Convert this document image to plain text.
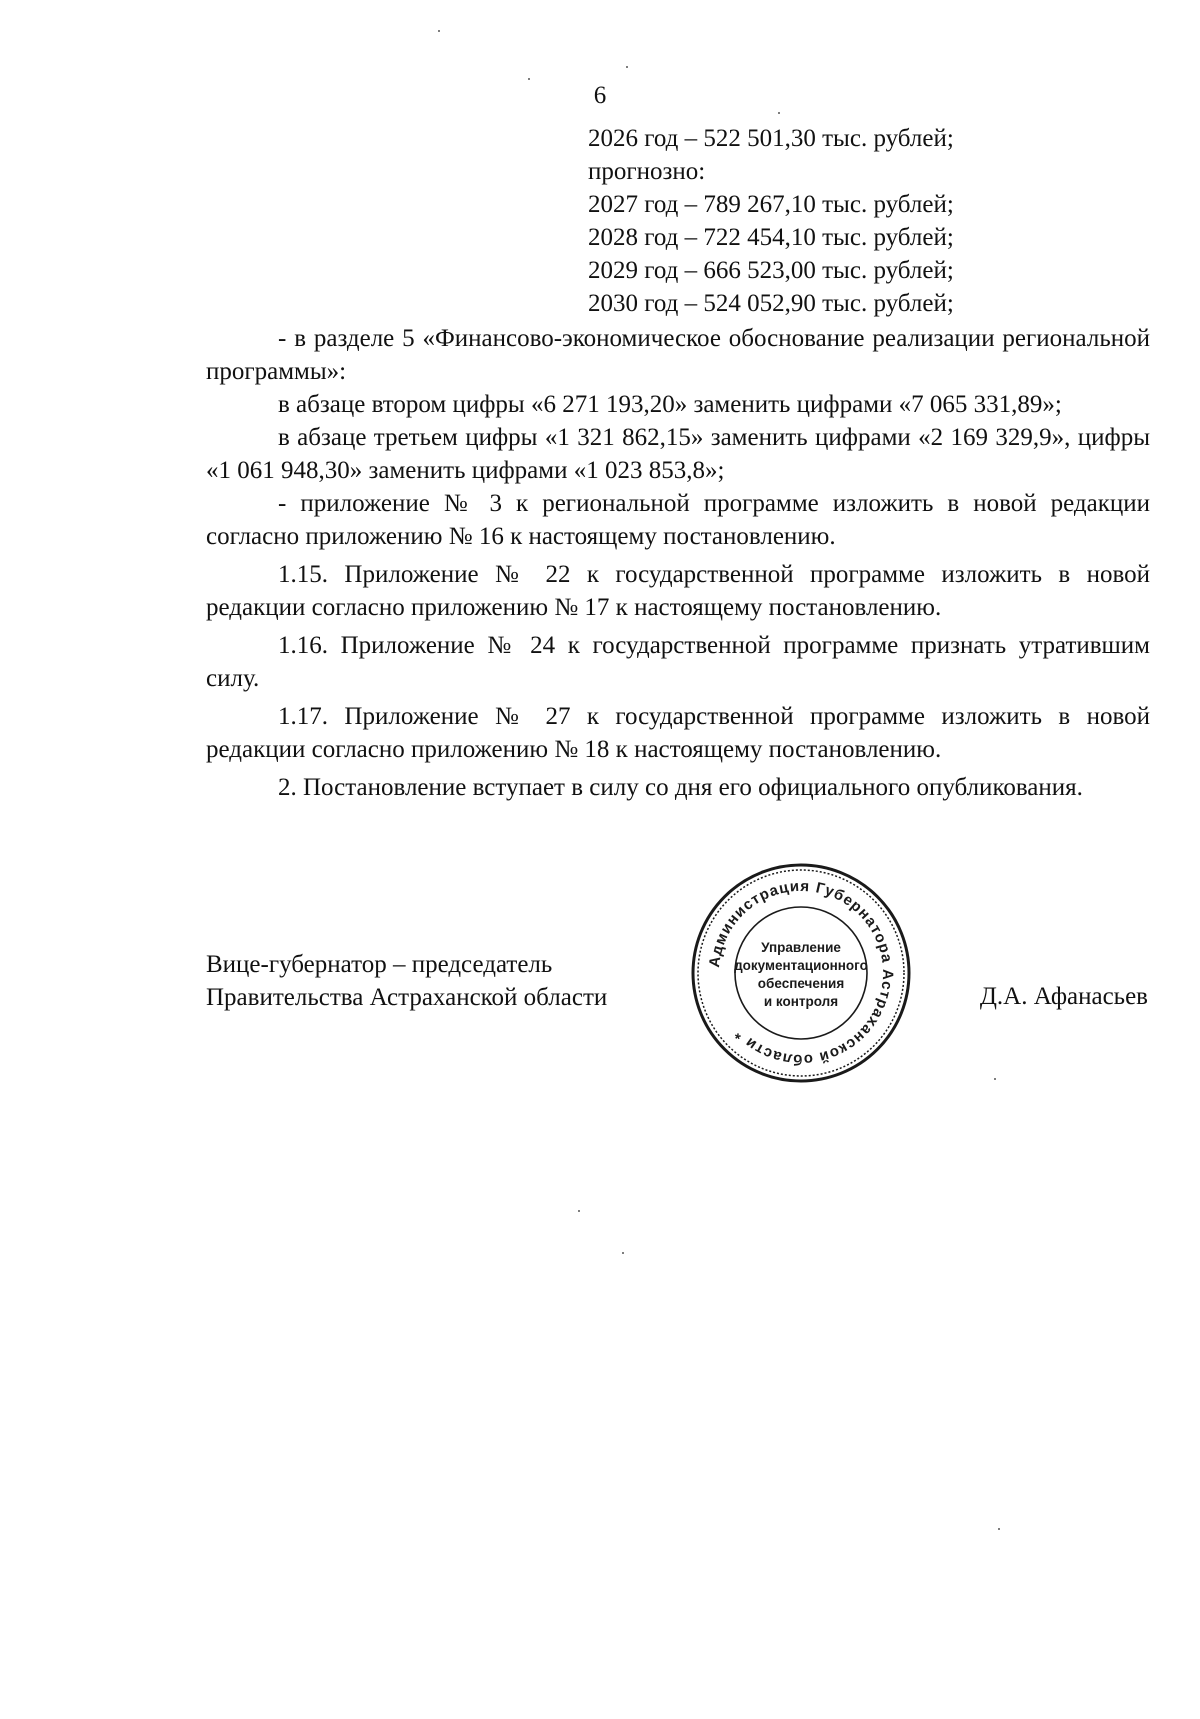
6
2026 год – 522 501,30 тыс. рублей;
прогнозно:
2027 год – 789 267,10 тыс. рублей;
2028 год – 722 454,10 тыс. рублей;
2029 год – 666 523,00 тыс. рублей;
2030 год – 524 052,90 тыс. рублей;

- в разделе 5 «Финансово-экономическое обоснование реализации региональной программы»:

в абзаце втором цифры «6 271 193,20» заменить цифрами «7 065 331,89»;

в абзаце третьем цифры «1 321 862,15» заменить цифрами «2 169 329,9», цифры «1 061 948,30» заменить цифрами «1 023 853,8»;

- приложение № 3 к региональной программе изложить в новой редакции согласно приложению № 16 к настоящему постановлению.

1.15. Приложение № 22 к государственной программе изложить в новой редакции согласно приложению № 17 к настоящему постановлению.

1.16. Приложение № 24 к государственной программе признать утратившим силу.

1.17. Приложение № 27 к государственной программе изложить в новой редакции согласно приложению № 18 к настоящему постановлению.

2. Постановление вступает в силу со дня его официального опубликования.

Вице-губернатор – председатель
Правительства Астраханской области
Администрация Губернатора Астраханской области *
Управление
документационного
обеспечения
и контроля	Д.А. Афанасьев
